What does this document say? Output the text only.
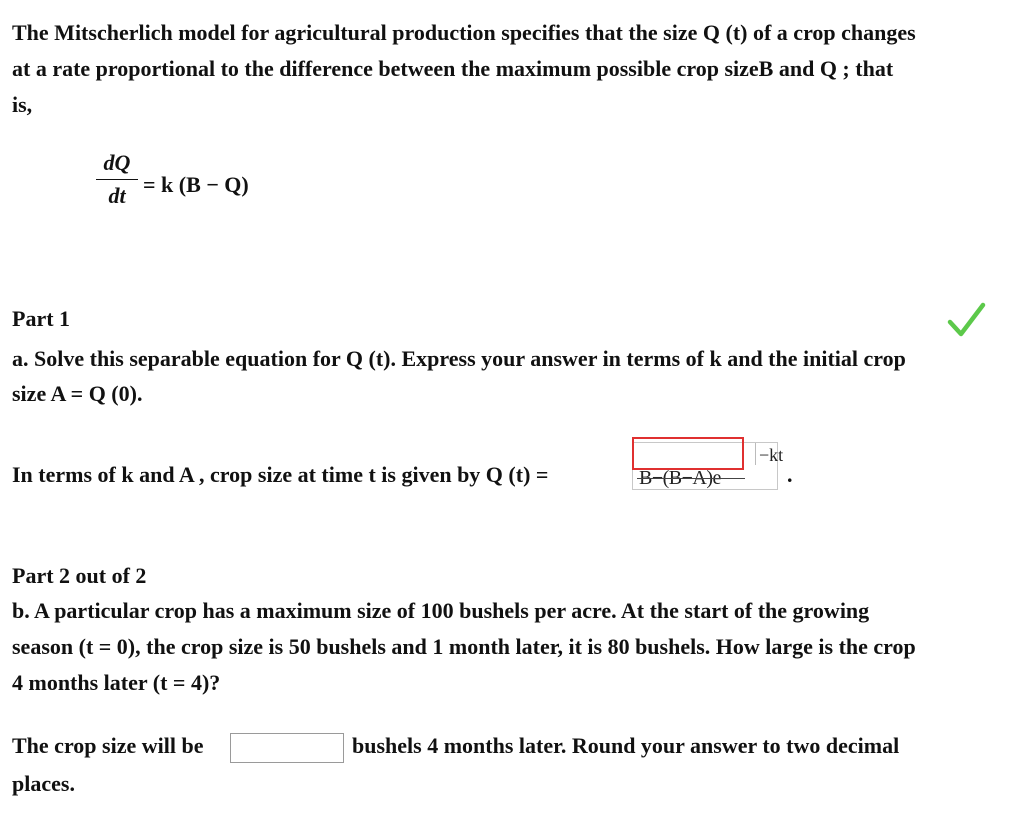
The Mitscherlich model for agricultural production specifies that the size Q (t) of a crop changes
at a rate proportional to the difference between the maximum possible crop sizeB and Q ; that
is,
dQ
dt = k (B − Q)
Part 1
a. Solve this separable equation for Q (t). Express your answer in terms of k and the initial crop
size A = Q (0).
In terms of k and A , crop size at time t is given by Q (t) =	B−(B−A)e
−kt
.
Part 2 out of 2
b. A particular crop has a maximum size of 100 bushels per acre. At the start of the growing
season (t = 0), the crop size is 50 bushels and 1 month later, it is 80 bushels. How large is the crop
4 months later (t = 4)?
The crop size will be	bushels 4 months later. Round your answer to two decimal
places.
